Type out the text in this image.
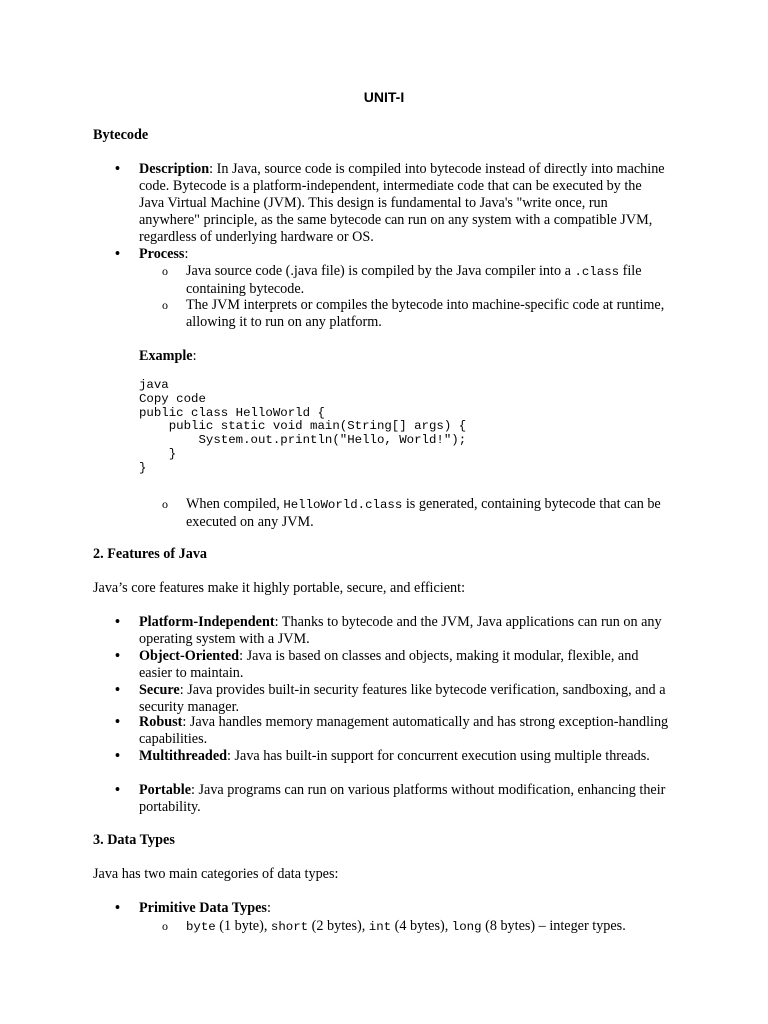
UNIT-I
Bytecode
• Description: In Java, source code is compiled into bytecode instead of directly into machine code. Bytecode is a platform-independent, intermediate code that can be executed by the Java Virtual Machine (JVM). This design is fundamental to Java's "write once, run anywhere" principle, as the same bytecode can run on any system with a compatible JVM, regardless of underlying hardware or OS.
• Process:
o Java source code (.java file) is compiled by the Java compiler into a .class file containing bytecode.
o The JVM interprets or compiles the bytecode into machine-specific code at runtime, allowing it to run on any platform.
Example:
java
Copy code
public class HelloWorld {
public static void main(String[] args) {
System.out.println("Hello, World!");
}
}
o When compiled, HelloWorld.class is generated, containing bytecode that can be executed on any JVM.
2. Features of Java
Java’s core features make it highly portable, secure, and efficient:
• Platform-Independent: Thanks to bytecode and the JVM, Java applications can run on any operating system with a JVM.
• Object-Oriented: Java is based on classes and objects, making it modular, flexible, and easier to maintain.
• Secure: Java provides built-in security features like bytecode verification, sandboxing, and a security manager.
• Robust: Java handles memory management automatically and has strong exception-handling capabilities.
• Multithreaded: Java has built-in support for concurrent execution using multiple threads.
• Portable: Java programs can run on various platforms without modification, enhancing their portability.
3. Data Types
Java has two main categories of data types:
• Primitive Data Types:
o byte (1 byte), short (2 bytes), int (4 bytes), long (8 bytes) – integer types.
